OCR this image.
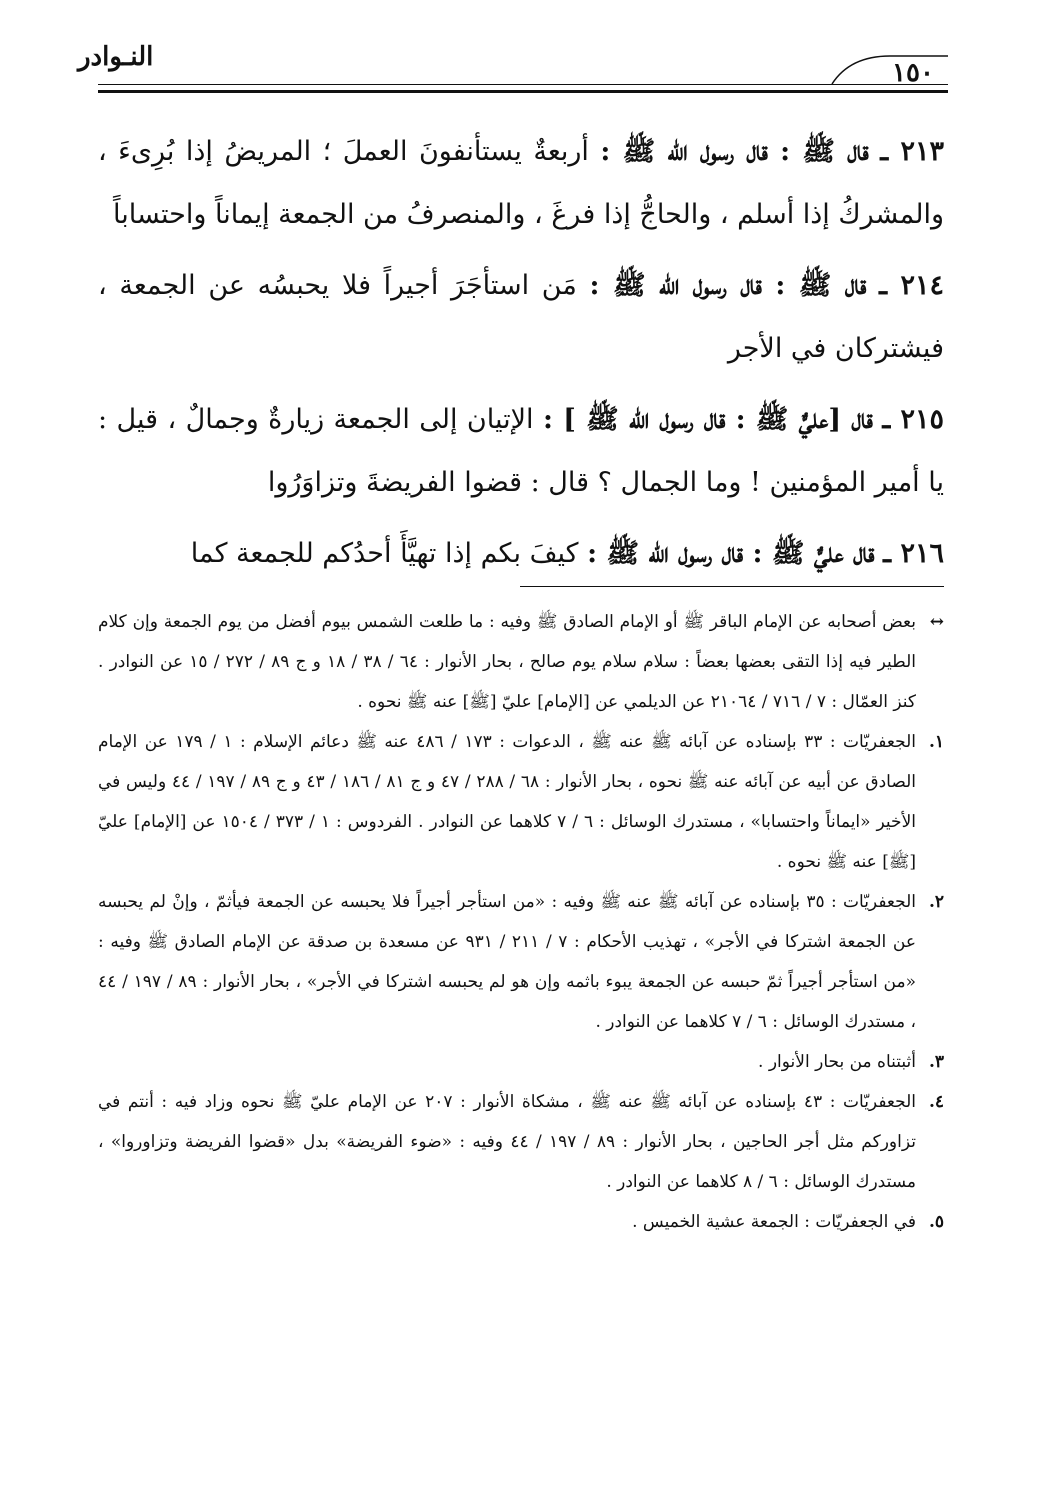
النـوادر
١٥٠

٢١٣ ـ قال ﷺ : قال رسول الله ﷺ : أربعةٌ يستأنفونَ العملَ ؛ المريضُ إذا بُرِىءَ ، والمشركُ إذا أسلم ، والحاجُّ إذا فرغَ ، والمنصرفُ من الجمعة إيماناً واحتساباً

٢١٤ ـ قال ﷺ : قال رسول الله ﷺ : مَن استأجَرَ أجيراً فلا يحبسُه عن الجمعة ، فيشتركان في الأجر

٢١٥ ـ قال [عليٌّ ﷺ : قال رسول الله ﷺ ] : الإتيان إلى الجمعة زيارةٌ وجمالٌ ، قيل : يا أمير المؤمنين ! وما الجمال ؟ قال : قضوا الفريضةَ وتزاوَرُوا

٢١٦ ـ قال عليٌّ ﷺ : قال رسول الله ﷺ : كيفَ بكم إذا تهيَّأَ أحدُكم للجمعة كما

↔
بعض أصحابه عن الإمام الباقر ﷺ أو الإمام الصادق ﷺ وفيه : ما طلعت الشمس بيوم أفضل من يوم الجمعة وإن كلام الطير فيه إذا التقى بعضها بعضاً : سلام سلام يوم صالح ، بحار الأنوار : ٦٤ / ٣٨ / ١٨ و ج ٨٩ / ٢٧٢ / ١٥ عن النوادر . كنز العمّال : ٧ / ٧١٦ / ٢١٠٦٤ عن الديلمي عن [الإمام] عليّ [ﷺ] عنه ﷺ نحوه .

١.
الجعفريّات : ٣٣ بإسناده عن آبائه ﷺ عنه ﷺ ، الدعوات : ١٧٣ / ٤٨٦ عنه ﷺ دعائم الإسلام : ١ / ١٧٩ عن الإمام الصادق عن أبيه عن آبائه عنه ﷺ نحوه ، بحار الأنوار : ٦٨ / ٢٨٨ / ٤٧ و ج ٨١ / ١٨٦ / ٤٣ و ج ٨٩ / ١٩٧ / ٤٤ وليس في الأخير «ايماناً واحتسابا» ، مستدرك الوسائل : ٦ / ٧ كلاهما عن النوادر . الفردوس : ١ / ٣٧٣ / ١٥٠٤ عن [الإمام] عليّ [ﷺ] عنه ﷺ نحوه .

٢.
الجعفريّات : ٣٥ بإسناده عن آبائه ﷺ عنه ﷺ وفيه : «من استأجر أجيراً فلا يحبسه عن الجمعة فيأثمّ ، وإنْ لم يحبسه عن الجمعة اشتركا في الأجر» ، تهذيب الأحكام : ٧ / ٢١١ / ٩٣١ عن مسعدة بن صدقة عن الإمام الصادق ﷺ وفيه : «من استأجر أجيراً ثمّ حبسه عن الجمعة يبوء باثمه وإن هو لم يحبسه اشتركا في الأجر» ، بحار الأنوار : ٨٩ / ١٩٧ / ٤٤ ، مستدرك الوسائل : ٦ / ٧ كلاهما عن النوادر .

٣.
أثبتناه من بحار الأنوار .

٤.
الجعفريّات : ٤٣ بإسناده عن آبائه ﷺ عنه ﷺ ، مشكاة الأنوار : ٢٠٧ عن الإمام عليّ ﷺ نحوه وزاد فيه : أنتم في تزاوركم مثل أجر الحاجين ، بحار الأنوار : ٨٩ / ١٩٧ / ٤٤ وفيه : «ضوء الفريضة» بدل «قضوا الفريضة وتزاوروا» ، مستدرك الوسائل : ٦ / ٨ كلاهما عن النوادر .

٥.
في الجعفريّات : الجمعة عشية الخميس .
